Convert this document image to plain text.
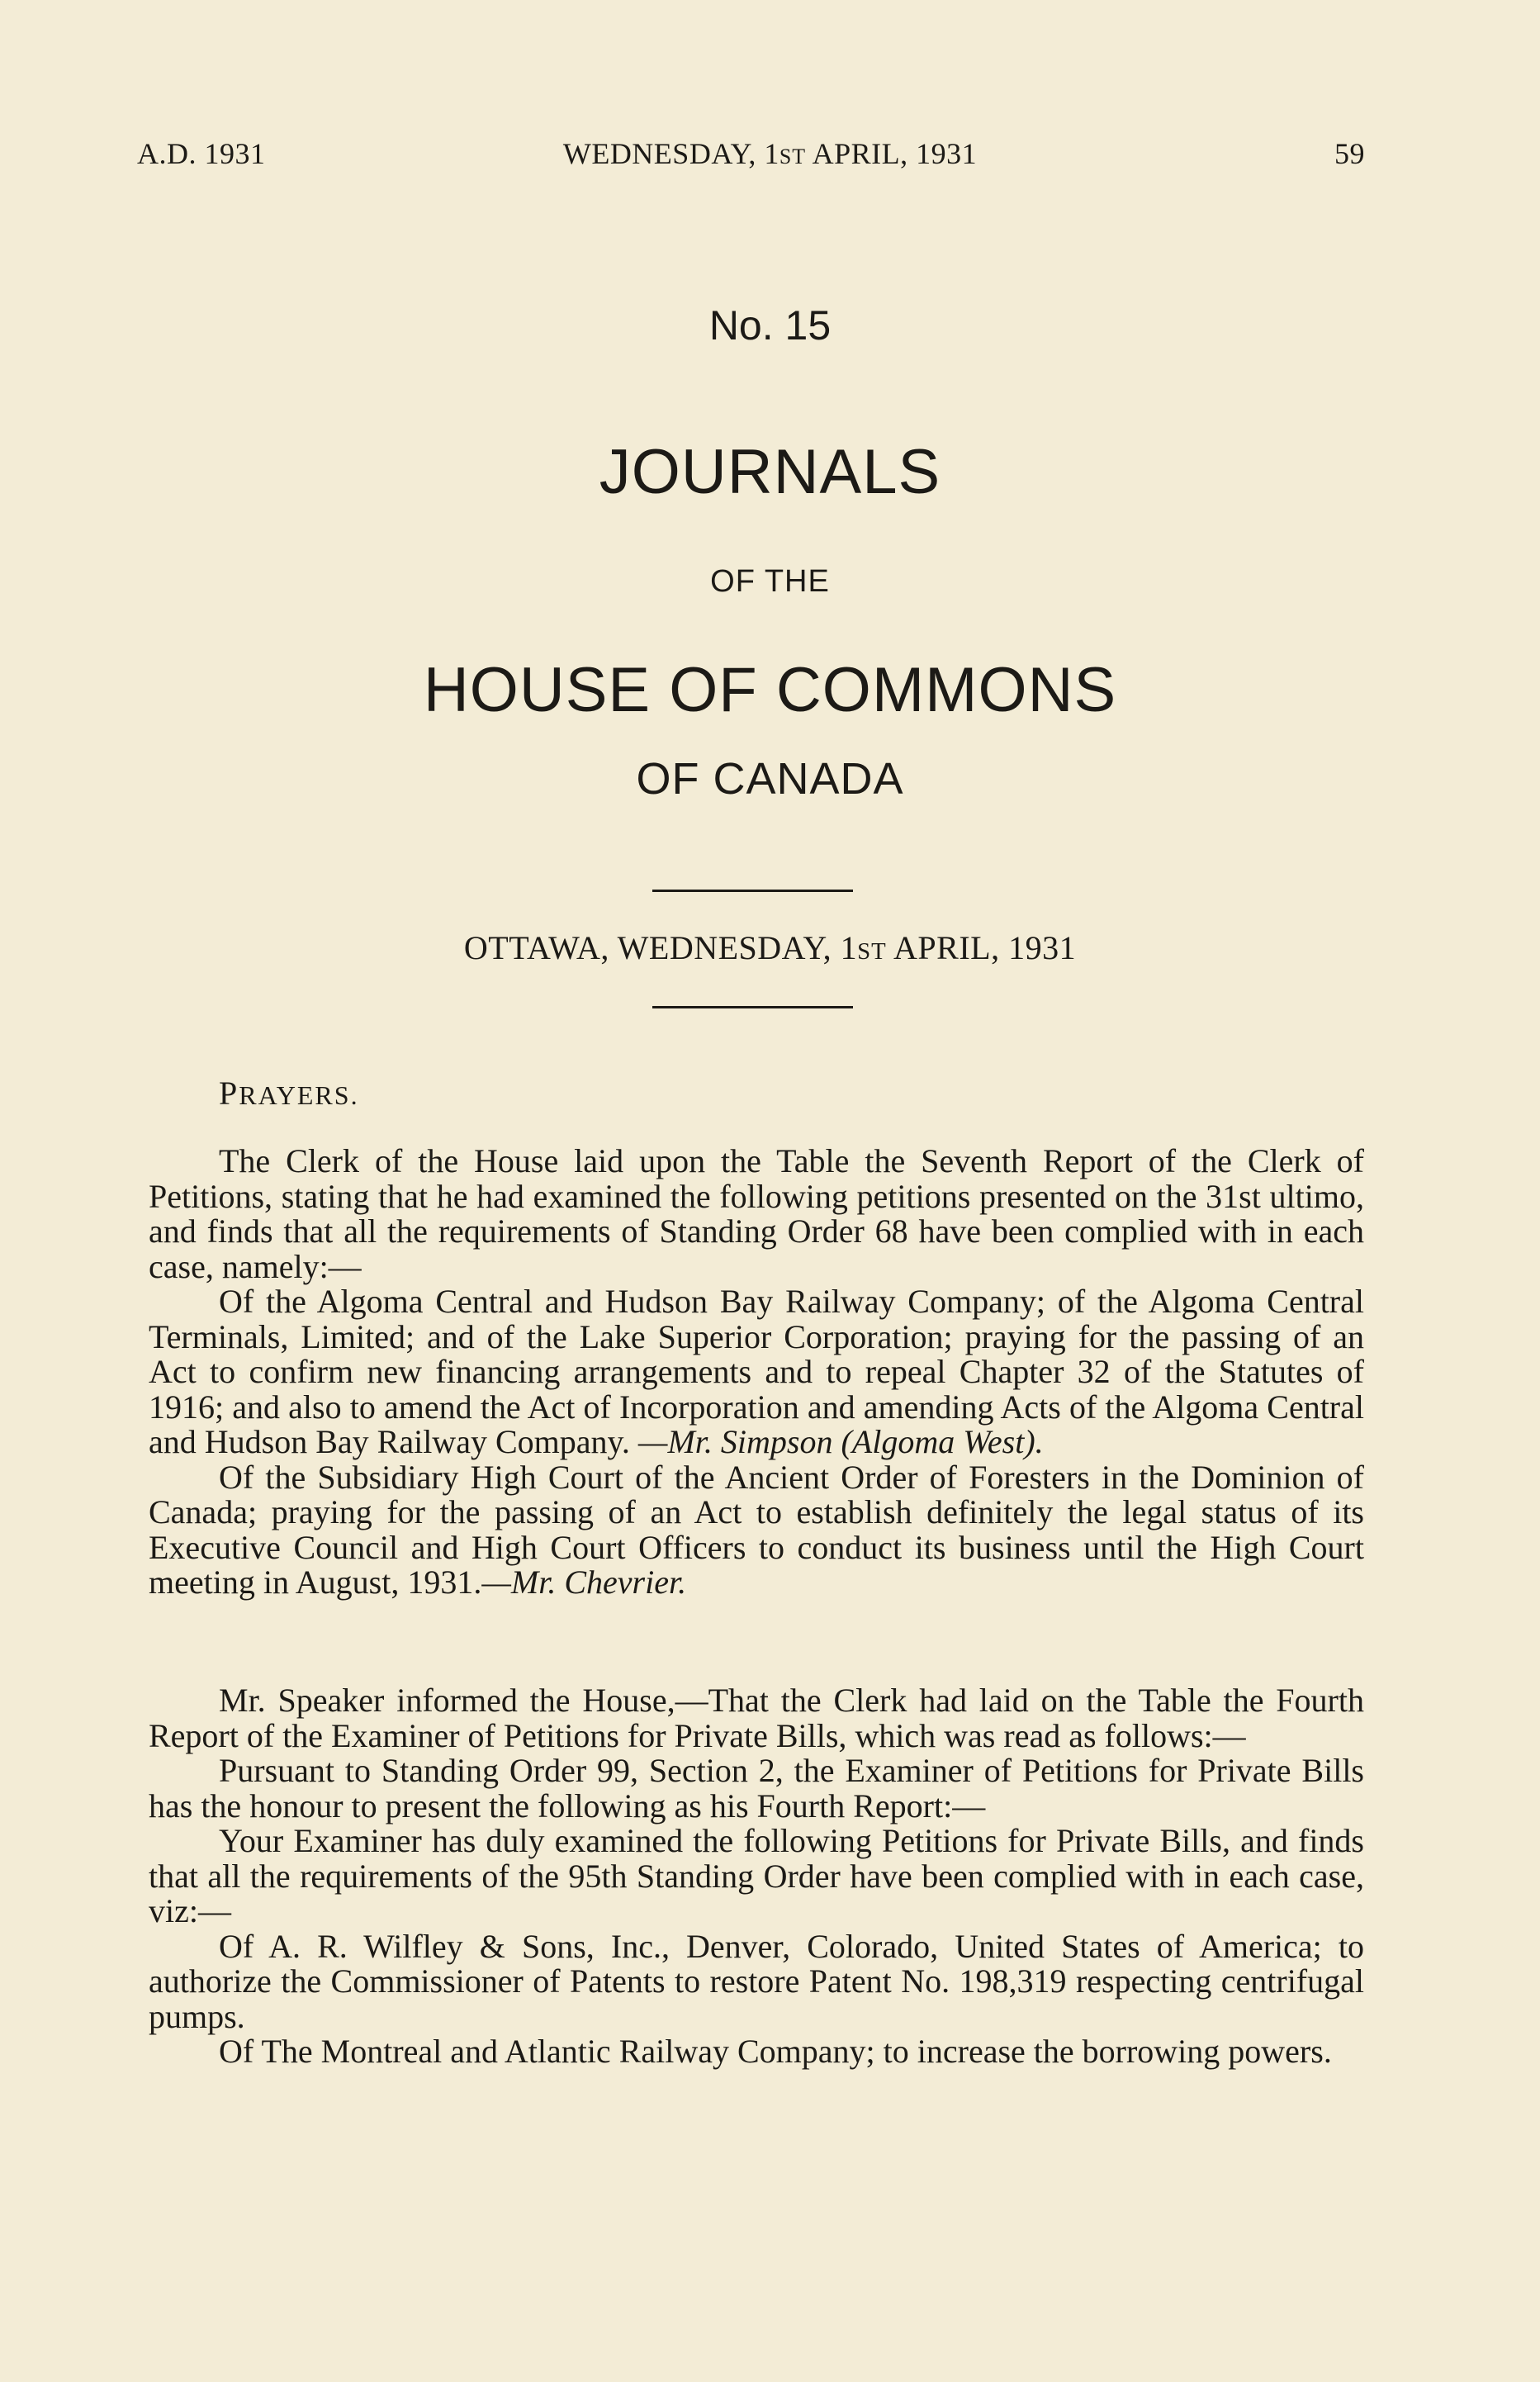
A.D. 1931	WEDNESDAY, 1ST APRIL, 1931	59
No. 15
JOURNALS
OF THE
HOUSE OF COMMONS
OF CANADA
OTTAWA, WEDNESDAY, 1ST APRIL, 1931
PRAYERS.

The Clerk of the House laid upon the Table the Seventh Report of the Clerk of Petitions, stating that he had examined the following petitions presented on the 31st ultimo, and finds that all the requirements of Standing Order 68 have been complied with in each case, namely:—

Of the Algoma Central and Hudson Bay Railway Company; of the Algoma Central Terminals, Limited; and of the Lake Superior Corporation; praying for the passing of an Act to confirm new financing arrangements and to repeal Chapter 32 of the Statutes of 1916; and also to amend the Act of Incorporation and amending Acts of the Algoma Central and Hudson Bay Railway Company. —Mr. Simpson (Algoma West).

Of the Subsidiary High Court of the Ancient Order of Foresters in the Dominion of Canada; praying for the passing of an Act to establish definitely the legal status of its Executive Council and High Court Officers to conduct its business until the High Court meeting in August, 1931.—Mr. Chevrier.

Mr. Speaker informed the House,—That the Clerk had laid on the Table the Fourth Report of the Examiner of Petitions for Private Bills, which was read as follows:—

Pursuant to Standing Order 99, Section 2, the Examiner of Petitions for Private Bills has the honour to present the following as his Fourth Report:—

Your Examiner has duly examined the following Petitions for Private Bills, and finds that all the requirements of the 95th Standing Order have been complied with in each case, viz:—

Of A. R. Wilfley & Sons, Inc., Denver, Colorado, United States of America; to authorize the Commissioner of Patents to restore Patent No. 198,319 respecting centrifugal pumps.

Of The Montreal and Atlantic Railway Company; to increase the borrowing powers.
